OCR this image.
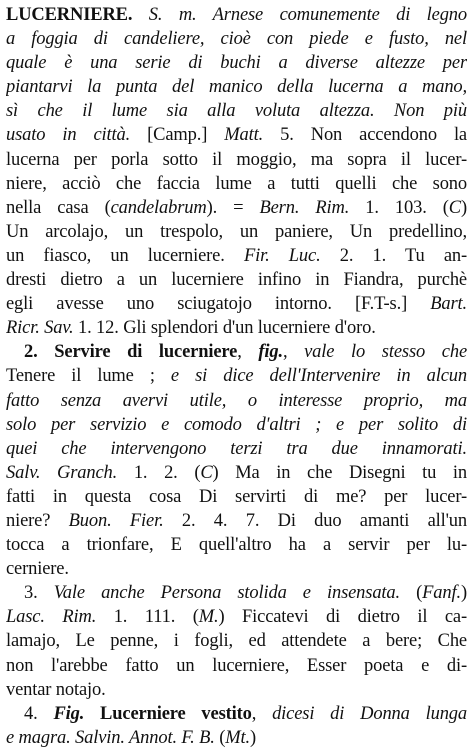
LUCERNIERE. S. m. Arnese comunemente di legno
a foggia di candeliere, cioè con piede e fusto, nel
quale è una serie di buchi a diverse altezze per
piantarvi la punta del manico della lucerna a mano,
sì che il lume sia alla voluta altezza. Non più
usato in città. [Camp.] Matt. 5. Non accendono la
lucerna per porla sotto il moggio, ma sopra il lucer-
niere, acciò che faccia lume a tutti quelli che sono
nella casa (candelabrum). = Bern. Rim. 1. 103. (C)
Un arcolajo, un trespolo, un paniere, Un predellino,
un fiasco, un lucerniere. Fir. Luc. 2. 1. Tu an-
dresti dietro a un lucerniere infino in Fiandra, purchè
egli avesse uno sciugatojo intorno. [F.T-s.] Bart.
Ricr. Sav. 1. 12. Gli splendori d'un lucerniere d'oro.
2. Servire di lucerniere, fig., vale lo stesso che
Tenere il lume ; e si dice dell'Intervenire in alcun
fatto senza avervi utile, o interesse proprio, ma
solo per servizio e comodo d'altri ; e per solito di
quei che intervengono terzi tra due innamorati.
Salv. Granch. 1. 2. (C) Ma in che Disegni tu in
fatti in questa cosa Di servirti di me? per lucer-
niere? Buon. Fier. 2. 4. 7. Di duo amanti all'un
tocca a trionfare, E quell'altro ha a servir per lu-
cerniere.
3. Vale anche Persona stolida e insensata. (Fanf.)
Lasc. Rim. 1. 111. (M.) Ficcatevi di dietro il ca-
lamajo, Le penne, i fogli, ed attendete a bere; Che
non l'arebbe fatto un lucerniere, Esser poeta e di-
ventar notajo.
4. Fig. Lucerniere vestito, dicesi di Donna lunga
e magra. Salvin. Annot. F. B. (Mt.)
